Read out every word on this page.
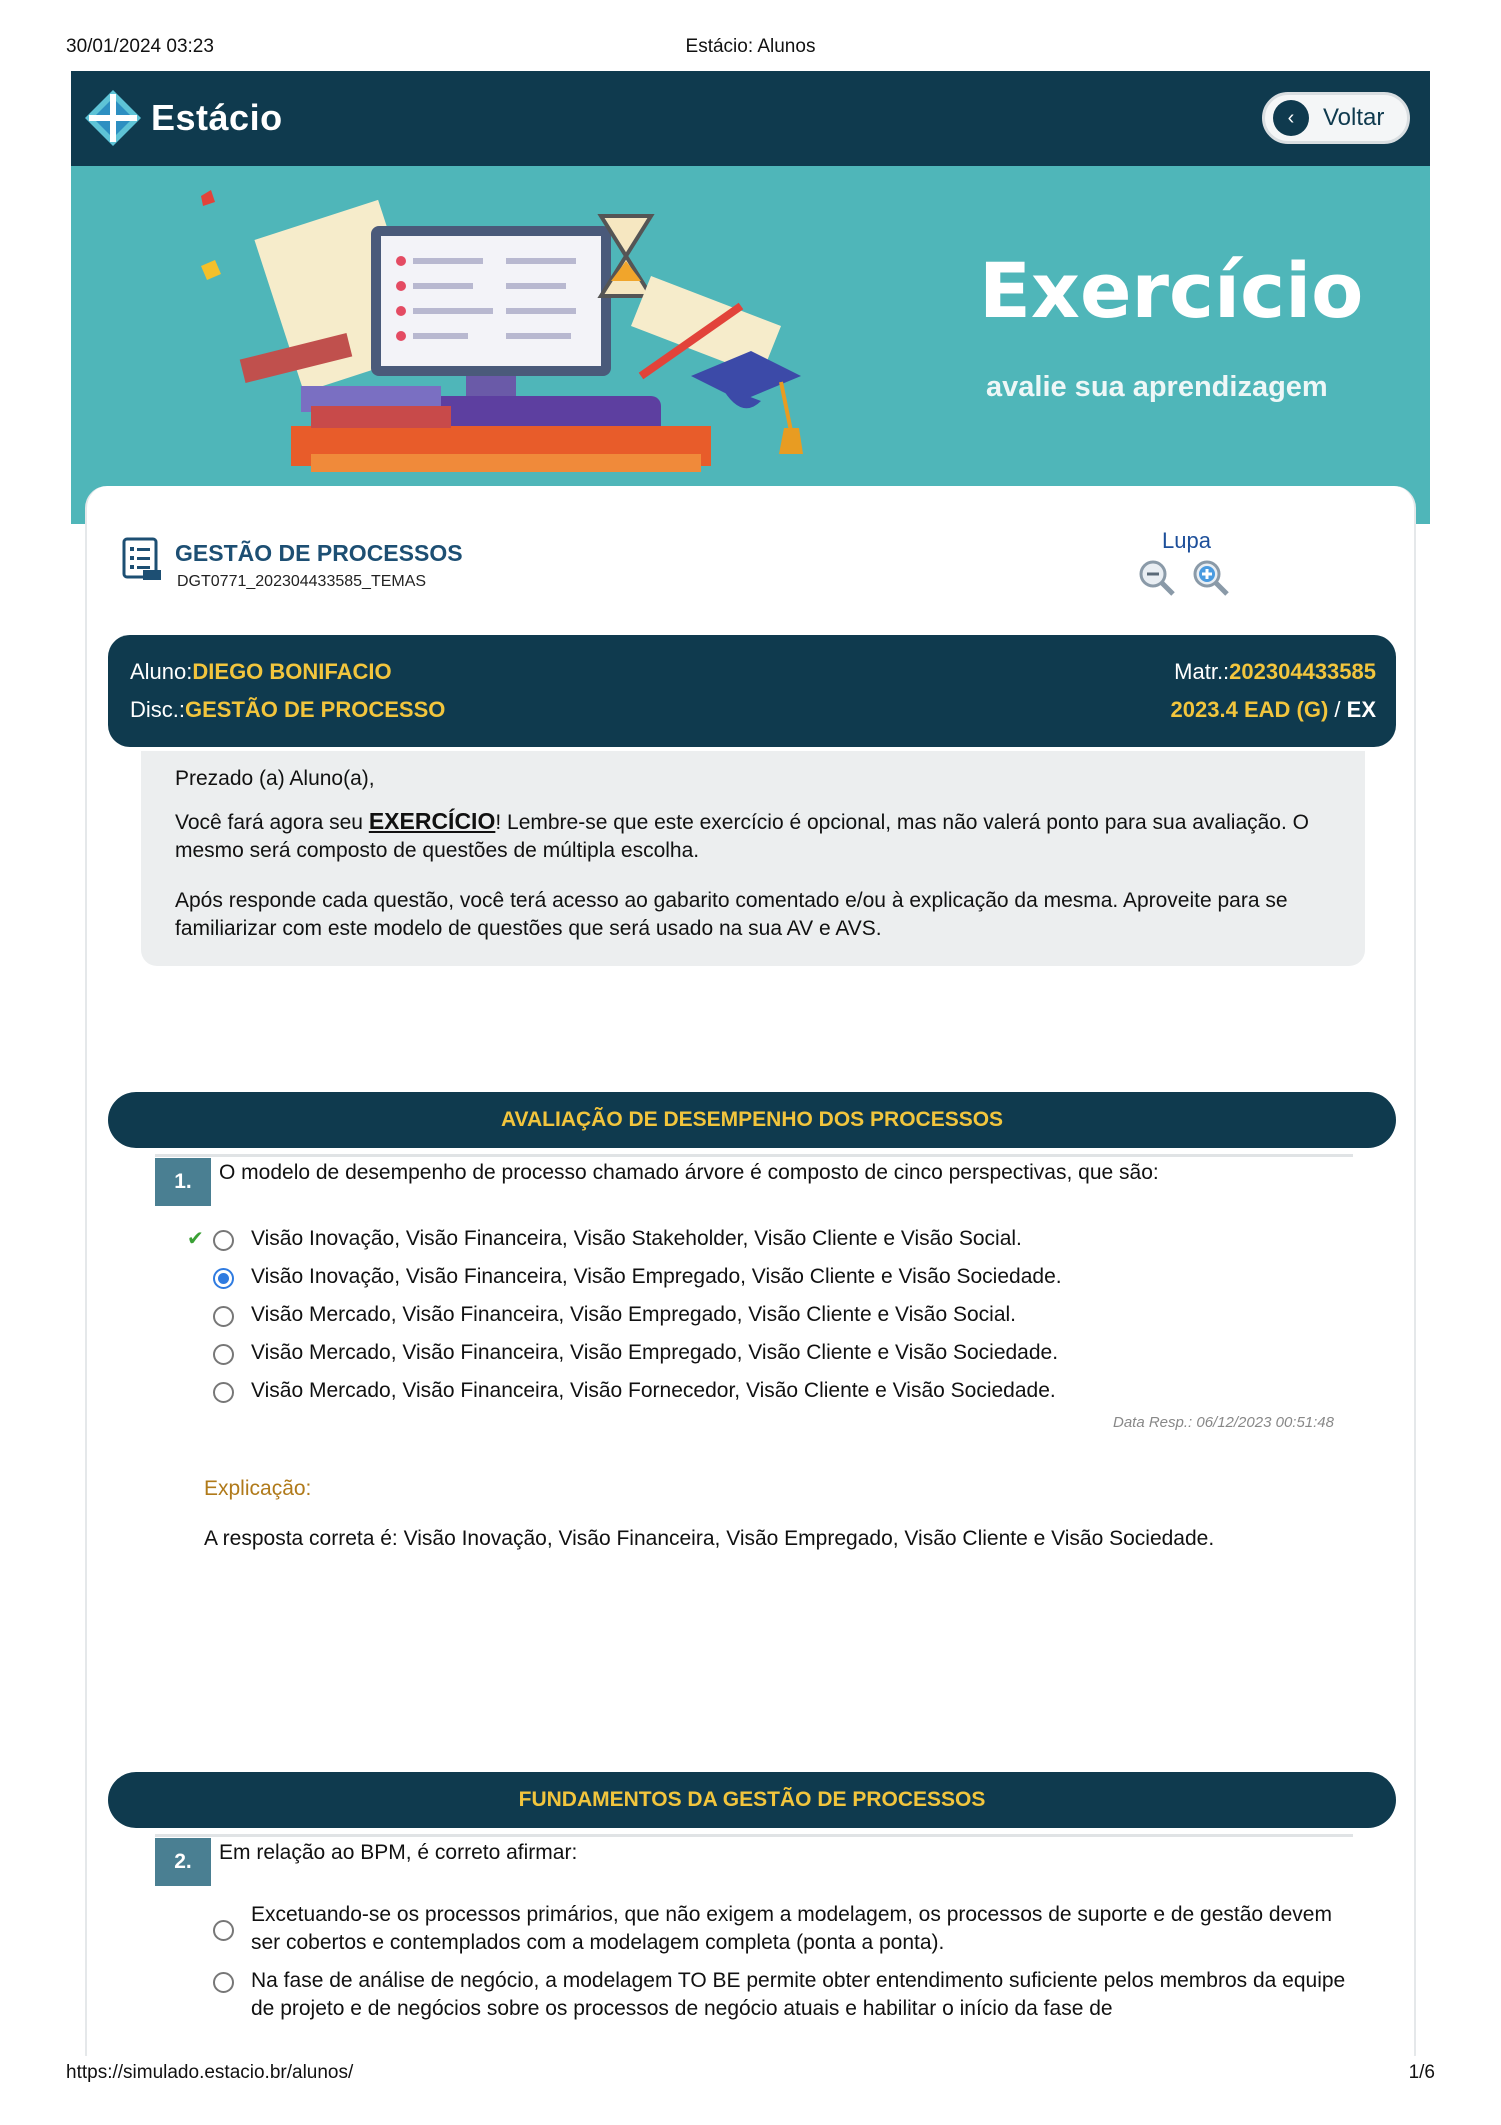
30/01/2024 03:23	Estácio: Alunos
Estácio	‹	Voltar
Exercício
avalie sua aprendizagem
GESTÃO DE PROCESSOS
DGT0771_202304433585_TEMAS
Lupa
Aluno:DIEGO BONIFACIO
Disc.:GESTÃO DE PROCESSO
Matr.:202304433585
2023.4 EAD (G) / EX

Prezado (a) Aluno(a),

Você fará agora seu EXERCÍCIO! Lembre-se que este exercício é opcional, mas não valerá ponto para sua avaliação. O mesmo será composto de questões de múltipla escolha.

Após responde cada questão, você terá acesso ao gabarito comentado e/ou à explicação da mesma. Aproveite para se familiarizar com este modelo de questões que será usado na sua AV e AVS.

AVALIAÇÃO DE DESEMPENHO DOS PROCESSOS
1.	O modelo de desempenho de processo chamado árvore é composto de cinco perspectivas, que são:
Visão Inovação, Visão Financeira, Visão Stakeholder, Visão Cliente e Visão Social.
✔
Visão Inovação, Visão Financeira, Visão Empregado, Visão Cliente e Visão Sociedade.
Visão Mercado, Visão Financeira, Visão Empregado, Visão Cliente e Visão Social.
Visão Mercado, Visão Financeira, Visão Empregado, Visão Cliente e Visão Sociedade.
Visão Mercado, Visão Financeira, Visão Fornecedor, Visão Cliente e Visão Sociedade.
Data Resp.: 06/12/2023 00:51:48
Explicação:
A resposta correta é: Visão Inovação, Visão Financeira, Visão Empregado, Visão Cliente e Visão Sociedade.
FUNDAMENTOS DA GESTÃO DE PROCESSOS
2.	Em relação ao BPM, é correto afirmar:
Excetuando-se os processos primários, que não exigem a modelagem, os processos de suporte e de gestão devem ser cobertos e contemplados com a modelagem completa (ponta a ponta).
Na fase de análise de negócio, a modelagem TO BE permite obter entendimento suficiente pelos membros da equipe de projeto e de negócios sobre os processos de negócio atuais e habilitar o início da fase de
https://simulado.estacio.br/alunos/	1/6
